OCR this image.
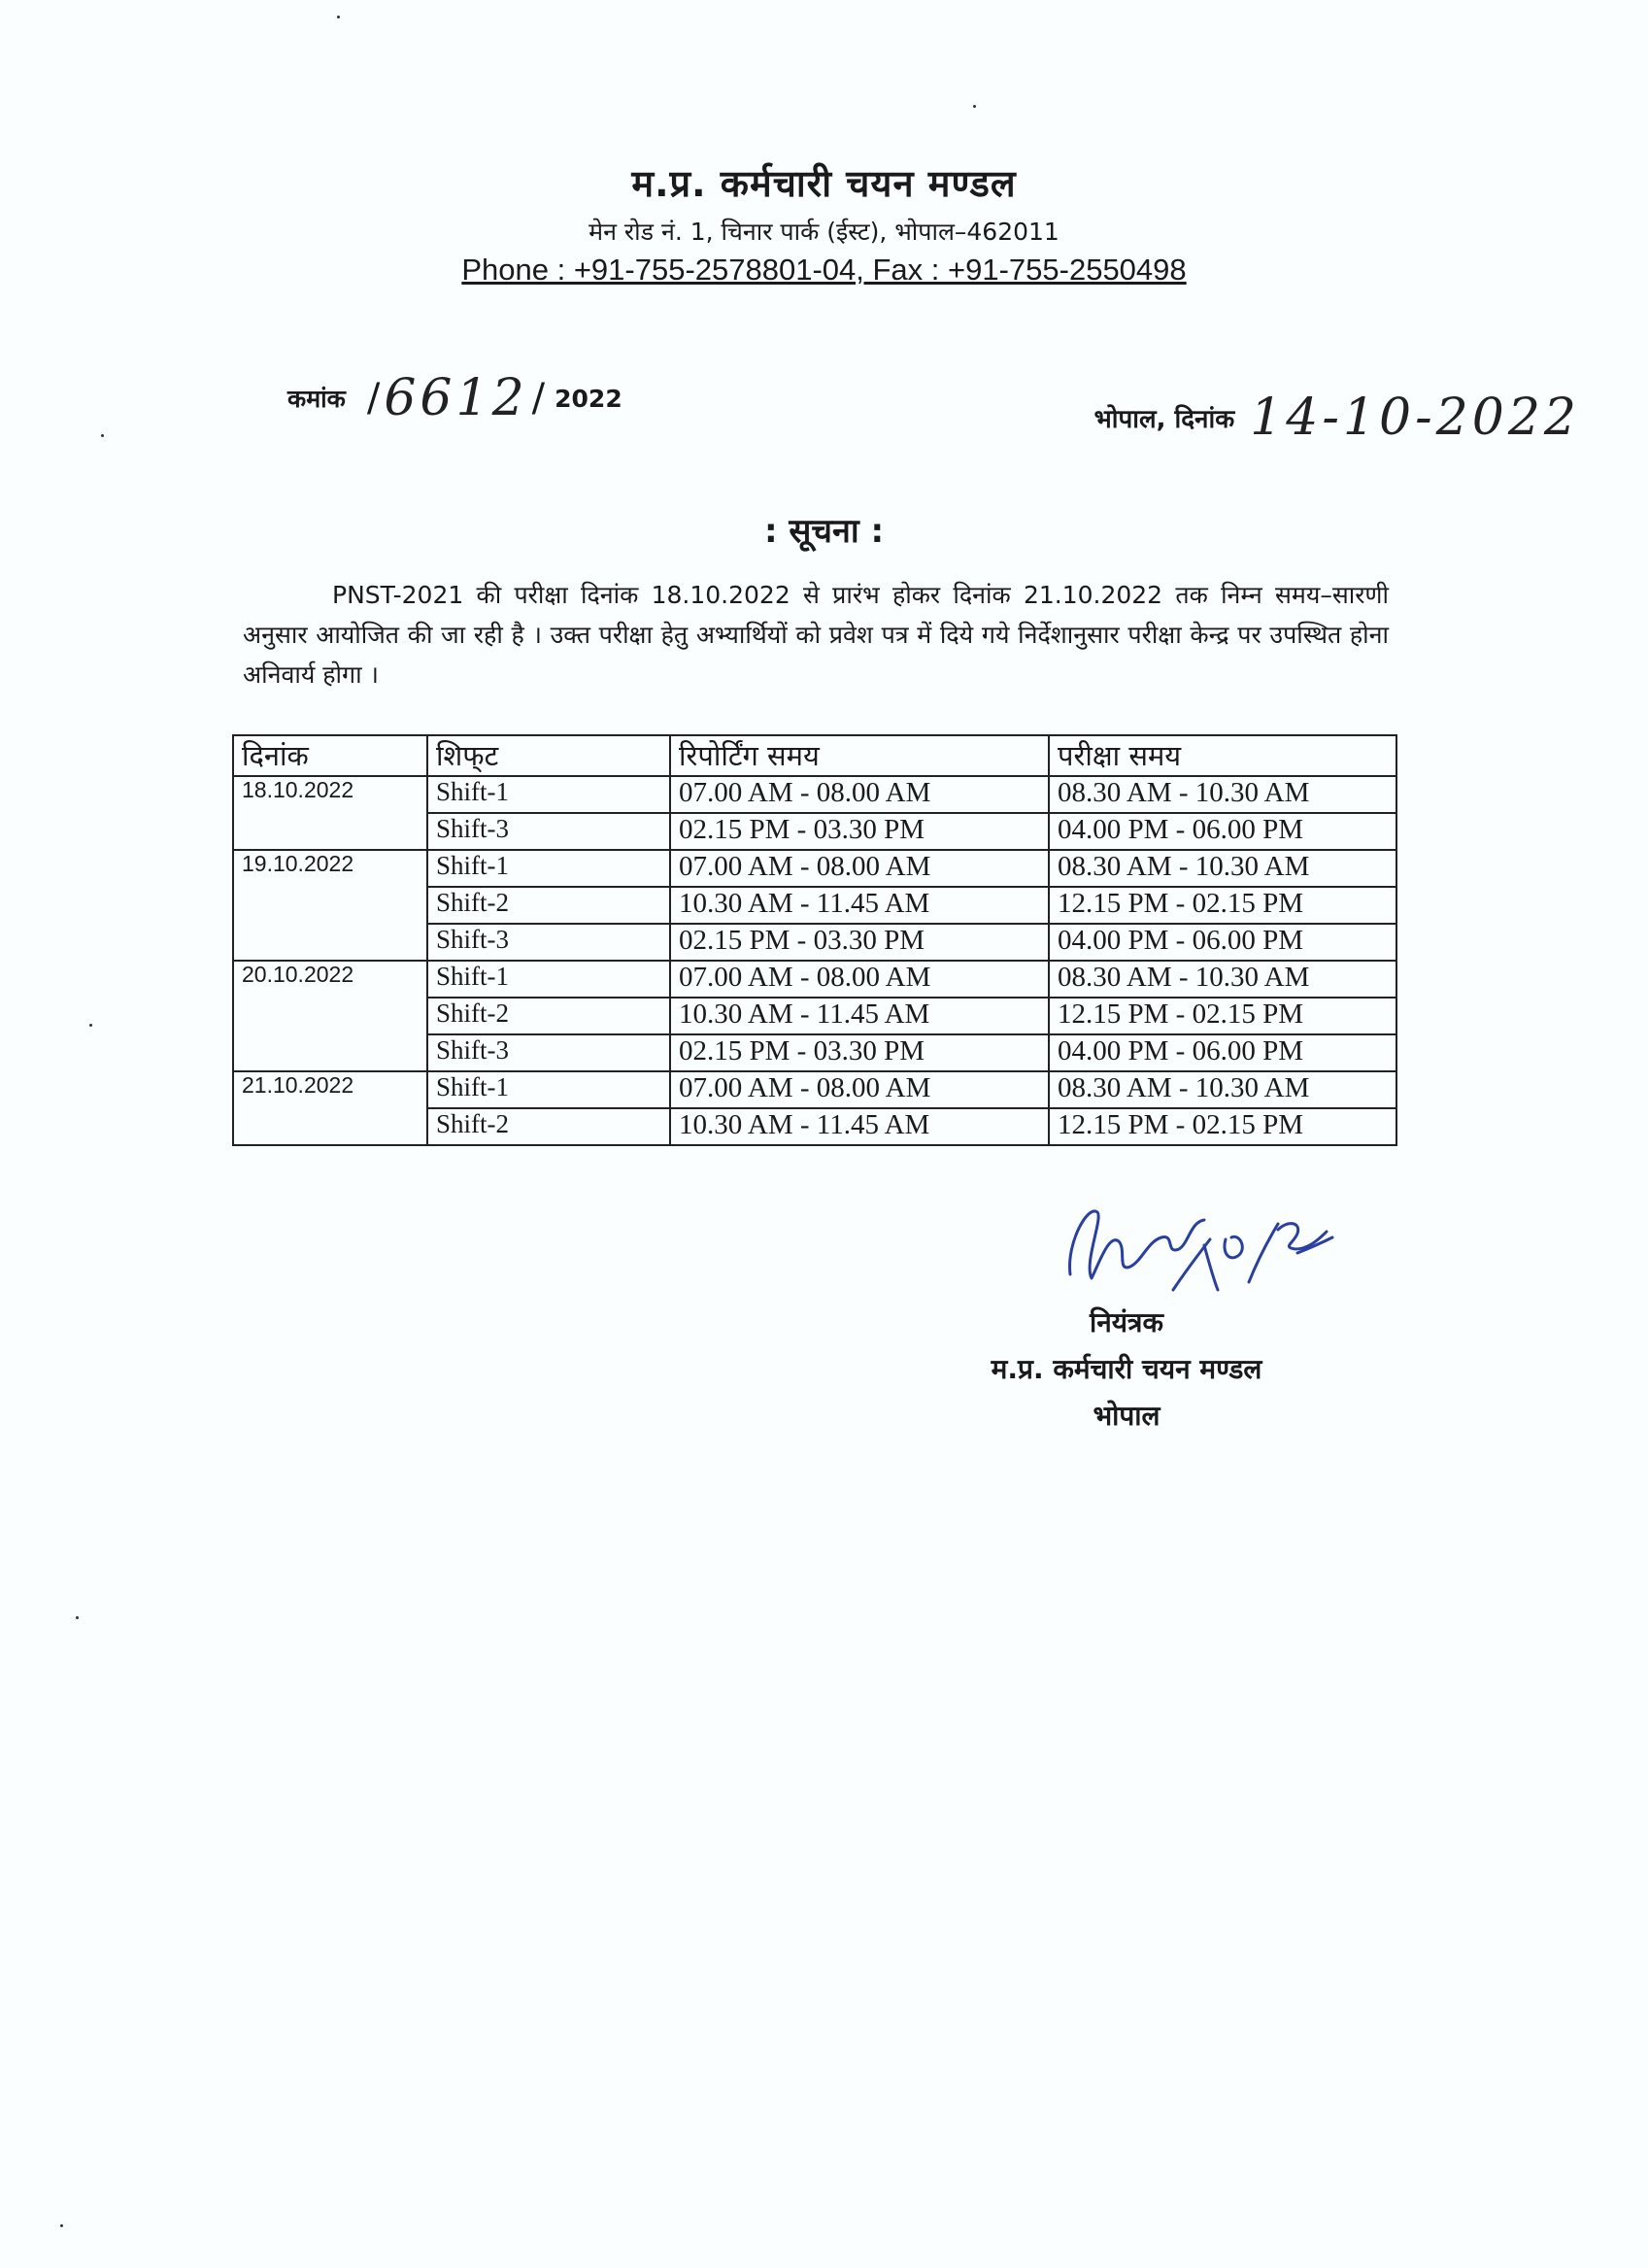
म.प्र. कर्मचारी चयन मण्डल
मेन रोड नं. 1, चिनार पार्क (ईस्ट), भोपाल–462011
Phone : +91-755-2578801-04, Fax : +91-755-2550498
कमांक / 6612 / 2022
भोपाल, दिनांक 14-10-2022
: सूचना :
PNST-2021 की परीक्षा दिनांक 18.10.2022 से प्रारंभ होकर दिनांक 21.10.2022 तक निम्न समय–सारणी अनुसार आयोजित की जा रही है । उक्त परीक्षा हेतु अभ्यार्थियों को प्रवेश पत्र में दिये गये निर्देशानुसार परीक्षा केन्द्र पर उपस्थित होना अनिवार्य होगा ।
दिनांक	शिफ्‌ट	रिपोर्टिंग समय	परीक्षा समय
18.10.2022	Shift-1	07.00 AM - 08.00 AM	08.30 AM - 10.30 AM
	Shift-3	02.15 PM - 03.30 PM	04.00 PM - 06.00 PM
19.10.2022	Shift-1	07.00 AM - 08.00 AM	08.30 AM - 10.30 AM
	Shift-2	10.30 AM - 11.45 AM	12.15 PM - 02.15 PM
	Shift-3	02.15 PM - 03.30 PM	04.00 PM - 06.00 PM
20.10.2022	Shift-1	07.00 AM - 08.00 AM	08.30 AM - 10.30 AM
	Shift-2	10.30 AM - 11.45 AM	12.15 PM - 02.15 PM
	Shift-3	02.15 PM - 03.30 PM	04.00 PM - 06.00 PM
21.10.2022	Shift-1	07.00 AM - 08.00 AM	08.30 AM - 10.30 AM
	Shift-2	10.30 AM - 11.45 AM	12.15 PM - 02.15 PM
नियंत्रक
म.प्र. कर्मचारी चयन मण्डल
भोपाल
